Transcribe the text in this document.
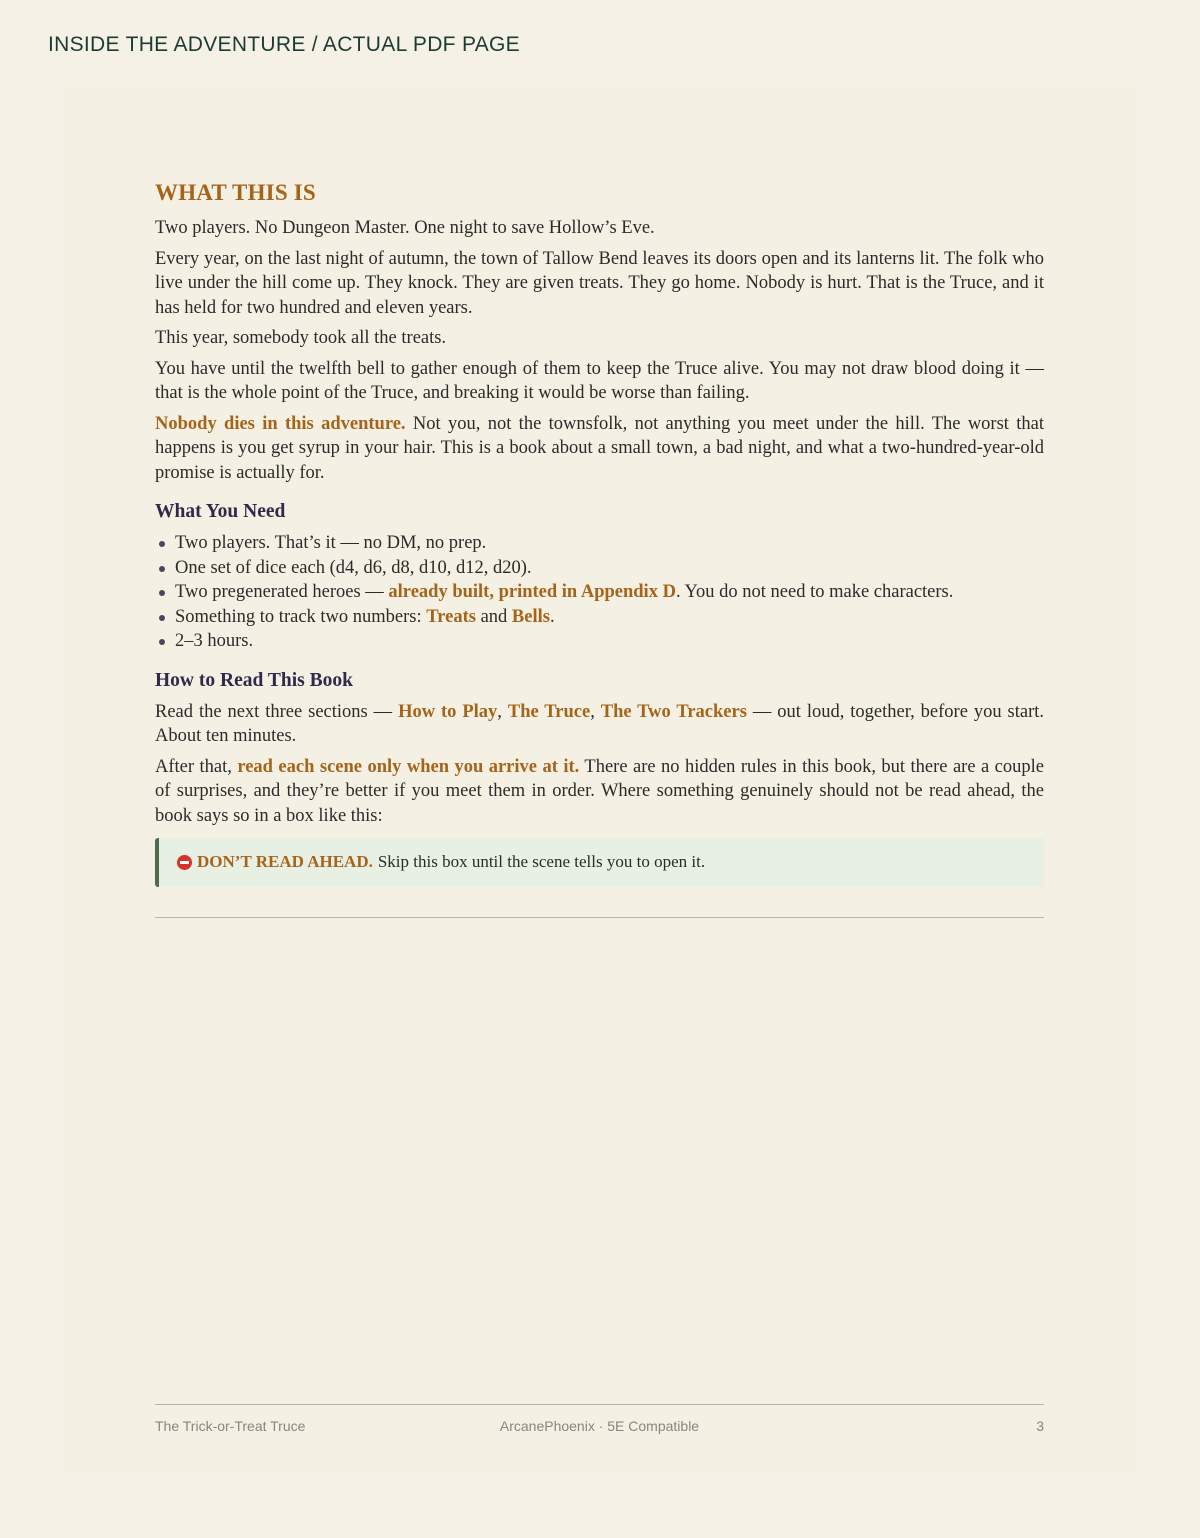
INSIDE THE ADVENTURE / ACTUAL PDF PAGE
WHAT THIS IS

Two players. No Dungeon Master. One night to save Hollow’s Eve.

Every year, on the last night of autumn, the town of Tallow Bend leaves its doors open and its lanterns lit. The folk who live under the hill come up. They knock. They are given treats. They go home. Nobody is hurt. That is the Truce, and it has held for two hundred and eleven years.

This year, somebody took all the treats.

You have until the twelfth bell to gather enough of them to keep the Truce alive. You may not draw blood doing it — that is the whole point of the Truce, and breaking it would be worse than failing.

Nobody dies in this adventure. Not you, not the townsfolk, not anything you meet under the hill. The worst that happens is you get syrup in your hair. This is a book about a small town, a bad night, and what a two-hundred-year-old promise is actually for.

What You Need
Two players. That’s it — no DM, no prep.
One set of dice each (d4, d6, d8, d10, d12, d20).
Two pregenerated heroes — already built, printed in Appendix D. You do not need to make characters.
Something to track two numbers: Treats and Bells.
2–3 hours.
How to Read This Book

Read the next three sections — How to Play, The Truce, The Two Trackers — out loud, together, before you start. About ten minutes.

After that, read each scene only when you arrive at it. There are no hidden rules in this book, but there are a couple of surprises, and they’re better if you meet them in order. Where something genuinely should not be read ahead, the book says so in a box like this:

DON’T READ AHEAD. Skip this box until the scene tells you to open it.
The Trick-or-Treat Truce	ArcanePhoenix · 5E Compatible	3
